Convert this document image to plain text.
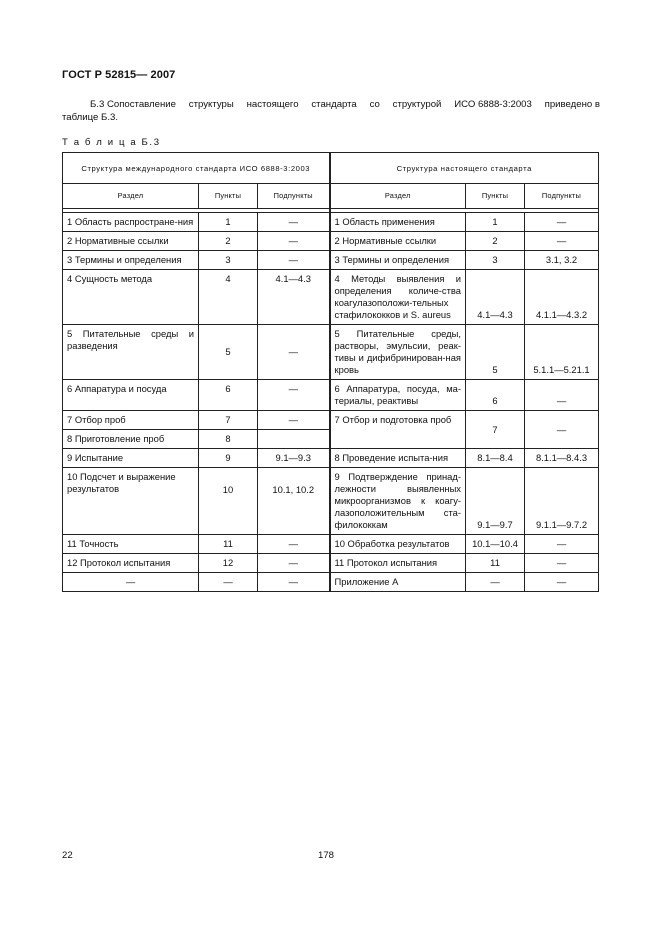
ГОСТ Р 52815— 2007
Б.3 Сопоставление структуры настоящего стандарта со структурой ИСО 6888-3:2003 приведено в
таблице Б.3.
Т а б л и ц а Б.3
Структура международного стандарта ИСО 6888-3:2003			Структура настоящего стандарта		
Раздел	Пункты	Подпункты	Раздел	Пункты	Подпункты

1 Область распростране-ния	1	—	1 Область применения	1	—
2 Нормативные ссылки	2	—	2 Нормативные ссылки	2	—
3 Термины и определения	3	—	3 Термины и определения	3	3.1, 3.2
4 Сущность метода	4	4.1—4.3	4 Методы выявления и определения количе-ства коагулазоположи-тельных стафилококков и S. aureus	4.1—4.3	4.1.1—4.3.2
5 Питательные среды и разведения	5	—	5 Питательные среды, растворы, эмульсии, реак-тивы и дифибринирован-ная кровь	5	5.1.1—5.21.1
6 Аппаратура и посуда	6	—	6 Аппаратура, посуда, ма-териалы, реактивы	6	—
7 Отбор проб	7	—	7 Отбор и подготовка проб	7	—
8 Приготовление проб	8				
9 Испытание	9	9.1—9.3	8 Проведение испыта-ния	8.1—8.4	8.1.1—8.4.3
10 Подсчет и выражение результатов	10	10.1, 10.2	9 Подтверждение принад-лежности выявленных микроорганизмов к коагу-лазоположительным ста-филококкам	9.1—9.7	9.1.1—9.7.2
11 Точность	11	—	10 Обработка результатов	10.1—10.4	—
12 Протокол испытания	12	—	11 Протокол испытания	11	—
—	—	—	Приложение А	—	—
22	178
